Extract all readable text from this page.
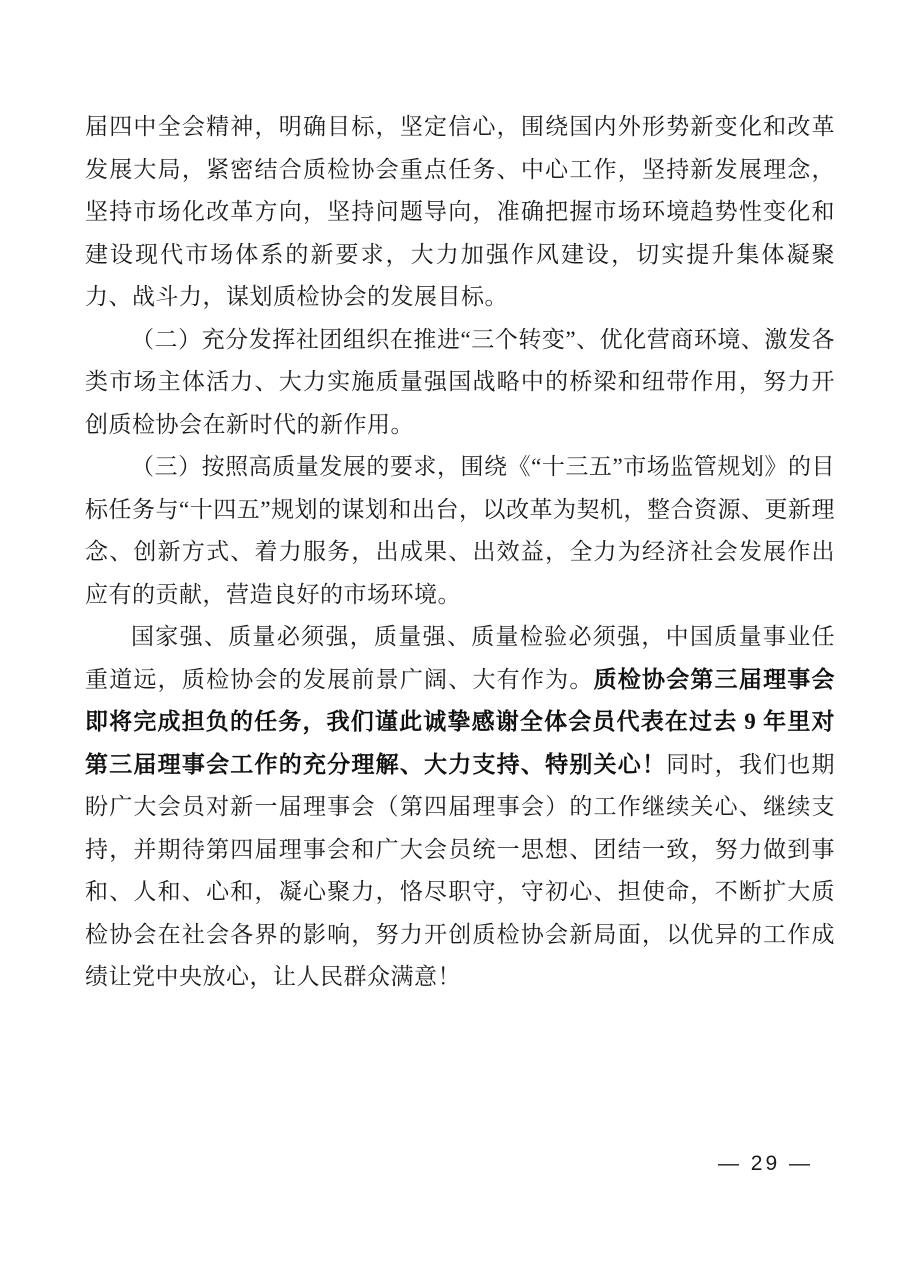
届四中全会精神，明确目标，坚定信心，围绕国内外形势新变化和改革发展大局，紧密结合质检协会重点任务、中心工作，坚持新发展理念，坚持市场化改革方向，坚持问题导向，准确把握市场环境趋势性变化和建设现代市场体系的新要求，大力加强作风建设，切实提升集体凝聚力、战斗力，谋划质检协会的发展目标。

（二）充分发挥社团组织在推进“三个转变”、优化营商环境、激发各类市场主体活力、大力实施质量强国战略中的桥梁和纽带作用，努力开创质检协会在新时代的新作用。

（三）按照高质量发展的要求，围绕《“十三五”市场监管规划》的目标任务与“十四五”规划的谋划和出台，以改革为契机，整合资源、更新理念、创新方式、着力服务，出成果、出效益，全力为经济社会发展作出应有的贡献，营造良好的市场环境。

国家强、质量必须强，质量强、质量检验必须强，中国质量事业任重道远，质检协会的发展前景广阔、大有作为。质检协会第三届理事会即将完成担负的任务，我们谨此诚挚感谢全体会员代表在过去 9 年里对第三届理事会工作的充分理解、大力支持、特别关心！同时，我们也期盼广大会员对新一届理事会（第四届理事会）的工作继续关心、继续支持，并期待第四届理事会和广大会员统一思想、团结一致，努力做到事和、人和、心和，凝心聚力，恪尽职守，守初心、担使命，不断扩大质检协会在社会各界的影响，努力开创质检协会新局面，以优异的工作成绩让党中央放心，让人民群众满意！

— 29 —
